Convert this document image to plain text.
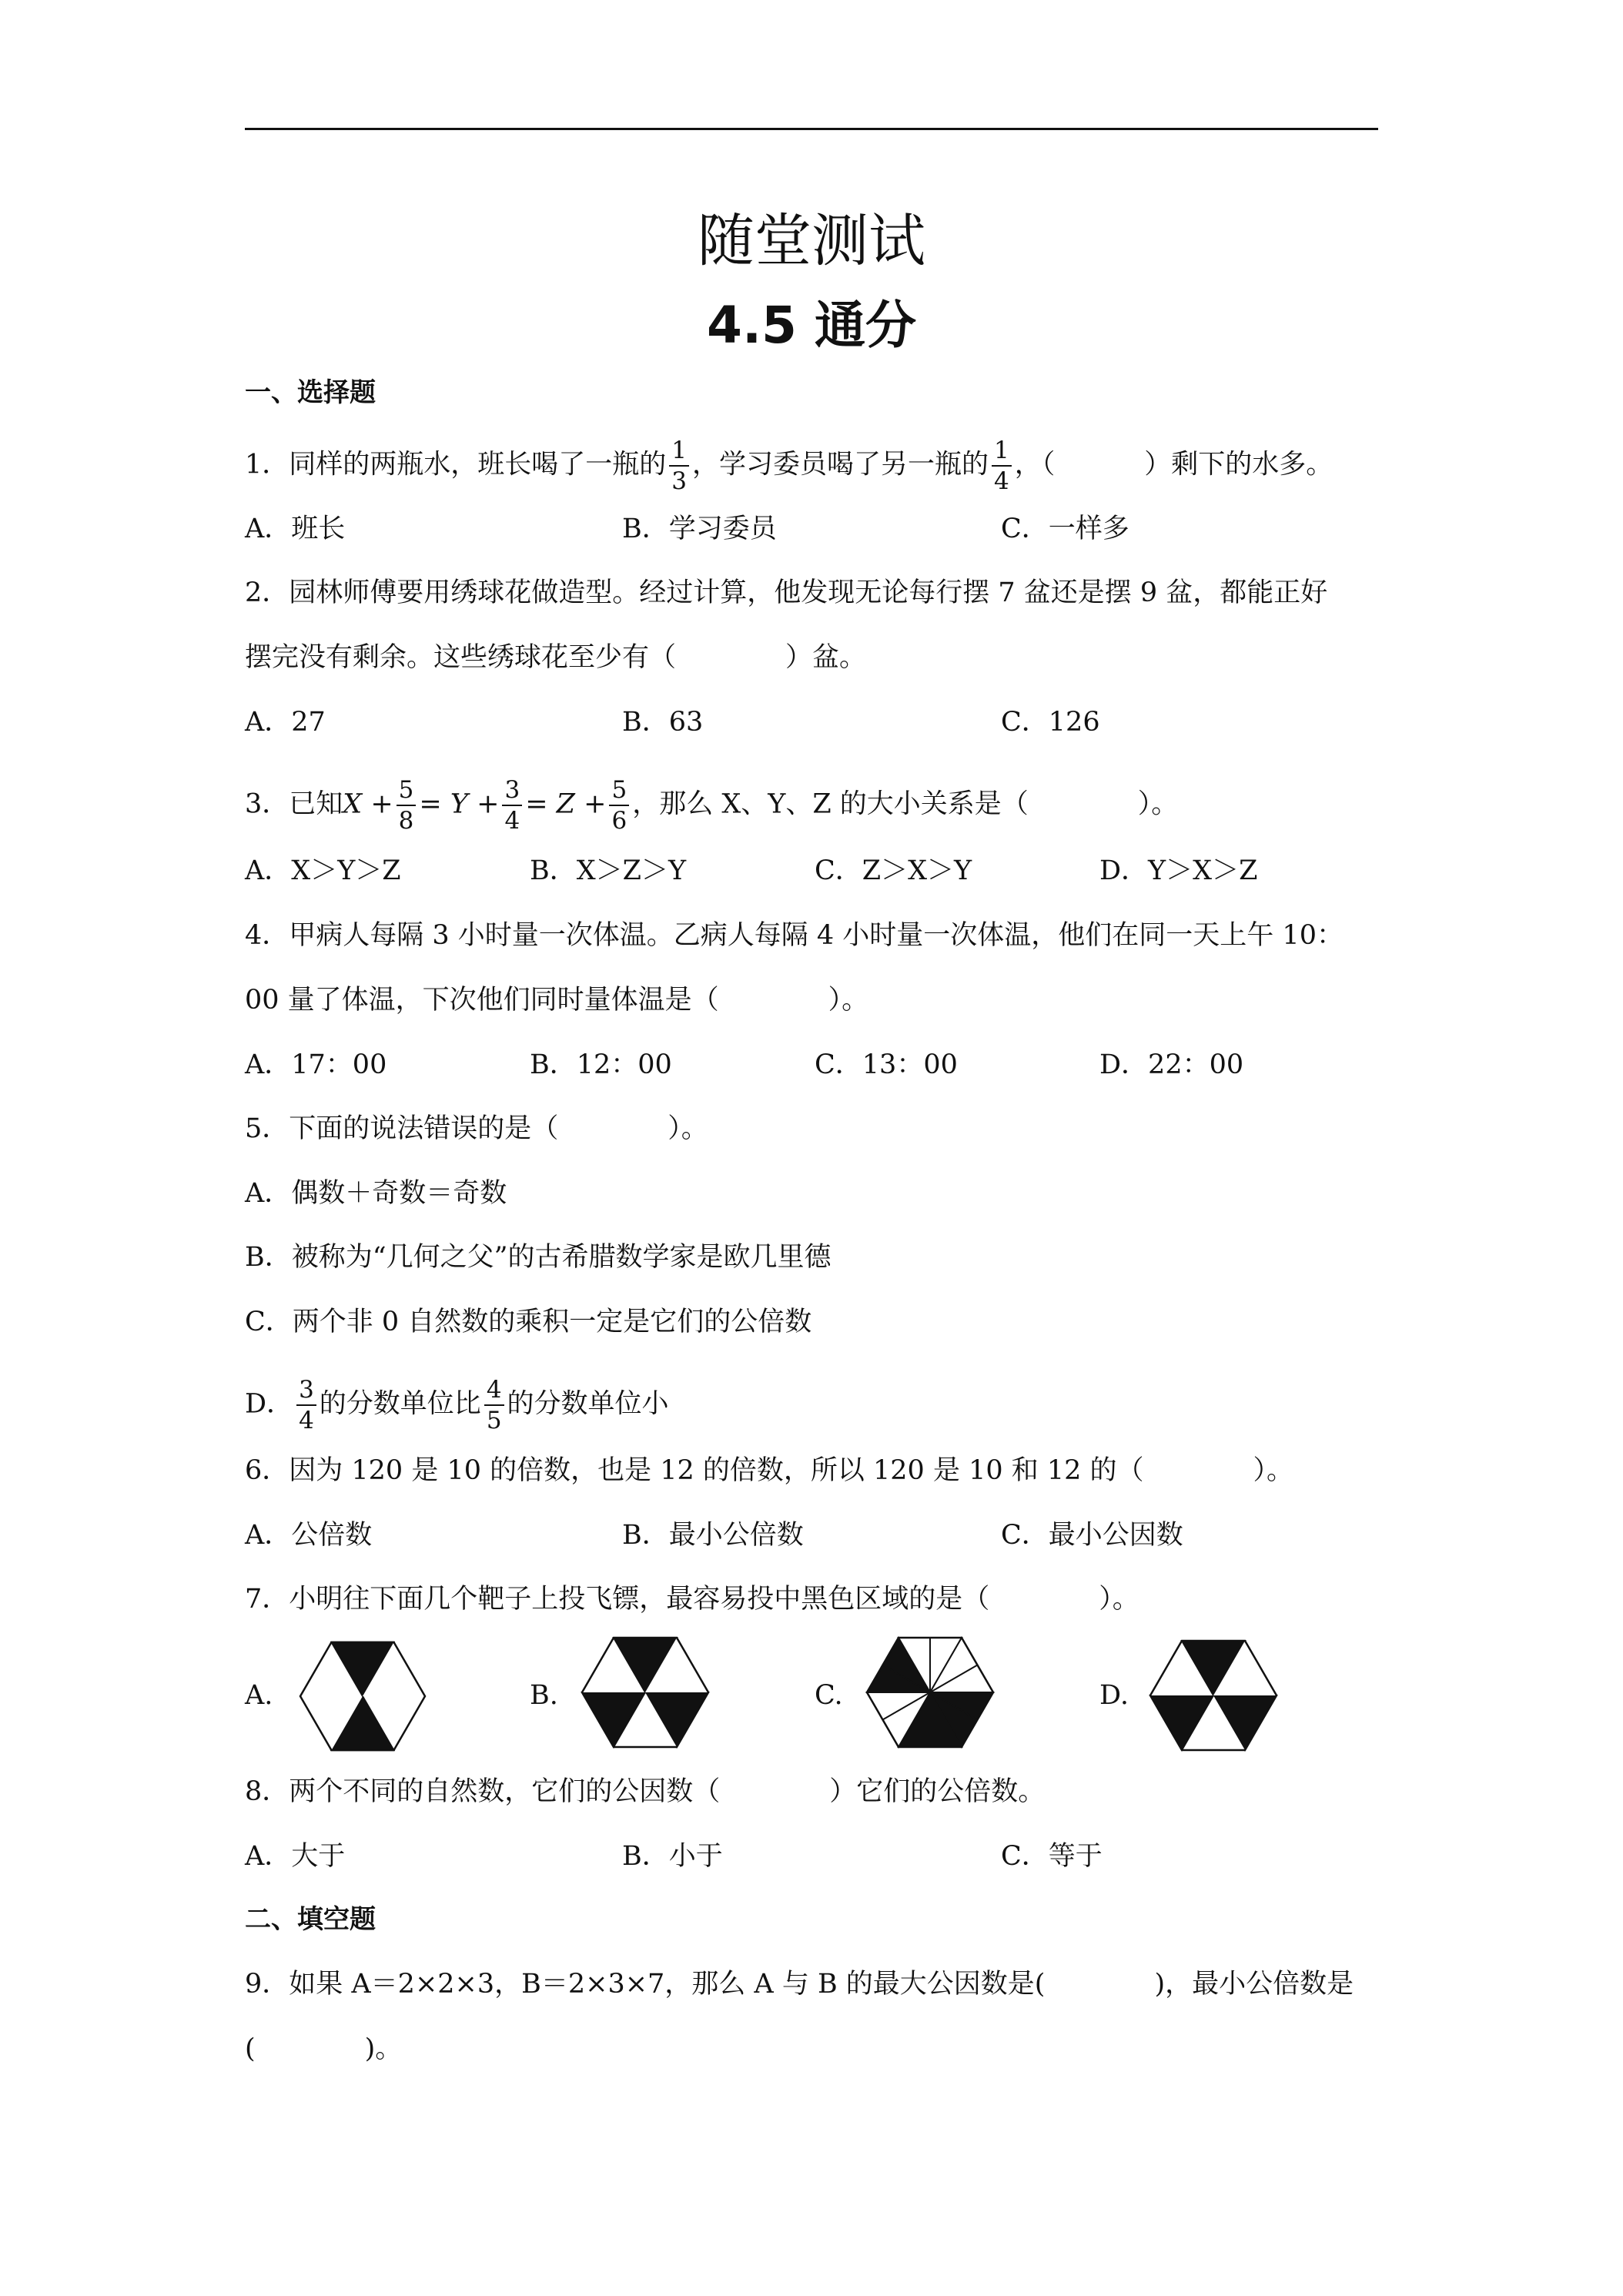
随堂测试
4.5 通分
一、选择题
1．同样的两瓶水，班长喝了一瓶的 $\frac{1}{3}$ ，学习委员喝了另一瓶的 $\frac{1}{4}$ ，（	）剩下的水多。
A．班长	B．学习委员	C．一样多
2．园林师傅要用绣球花做造型。经过计算，他发现无论每行摆 7 盆还是摆 9 盆，都能正好
摆完没有剩余。这些绣球花至少有（	）盆。
A．27	B．63	C．126
3．已知$X + \frac{5}{8} = Y + \frac{3}{4} = Z + \frac{5}{6}$ ，那么 X、Y、Z 的大小关系是（	）。
A．X＞Y＞Z	B．X＞Z＞Y	C．Z＞X＞Y	D．Y＞X＞Z
4．甲病人每隔 3 小时量一次体温。乙病人每隔 4 小时量一次体温，他们在同一天上午 10：
00 量了体温，下次他们同时量体温是（	）。
A．17：00	B．12：00	C．13：00	D．22：00
5．下面的说法错误的是（	）。
A．偶数＋奇数＝奇数
B．被称为“几何之父”的古希腊数学家是欧几里德
C．两个非 0 自然数的乘积一定是它们的公倍数
D． $\frac{3}{4}$ 的分数单位比 $\frac{4}{5}$ 的分数单位小
6．因为 120 是 10 的倍数，也是 12 的倍数，所以 120 是 10 和 12 的（	）。
A．公倍数	B．最小公倍数	C．最小公因数
7．小明往下面几个靶子上投飞镖，最容易投中黑色区域的是（	）。
A.	B.	C.	D.
8．两个不同的自然数，它们的公因数（	）它们的公倍数。
A．大于	B．小于	C．等于
二、填空题
9．如果 A＝2×2×3，B＝2×3×7，那么 A 与 B 的最大公因数是(	)，最小公倍数是
(	)。
